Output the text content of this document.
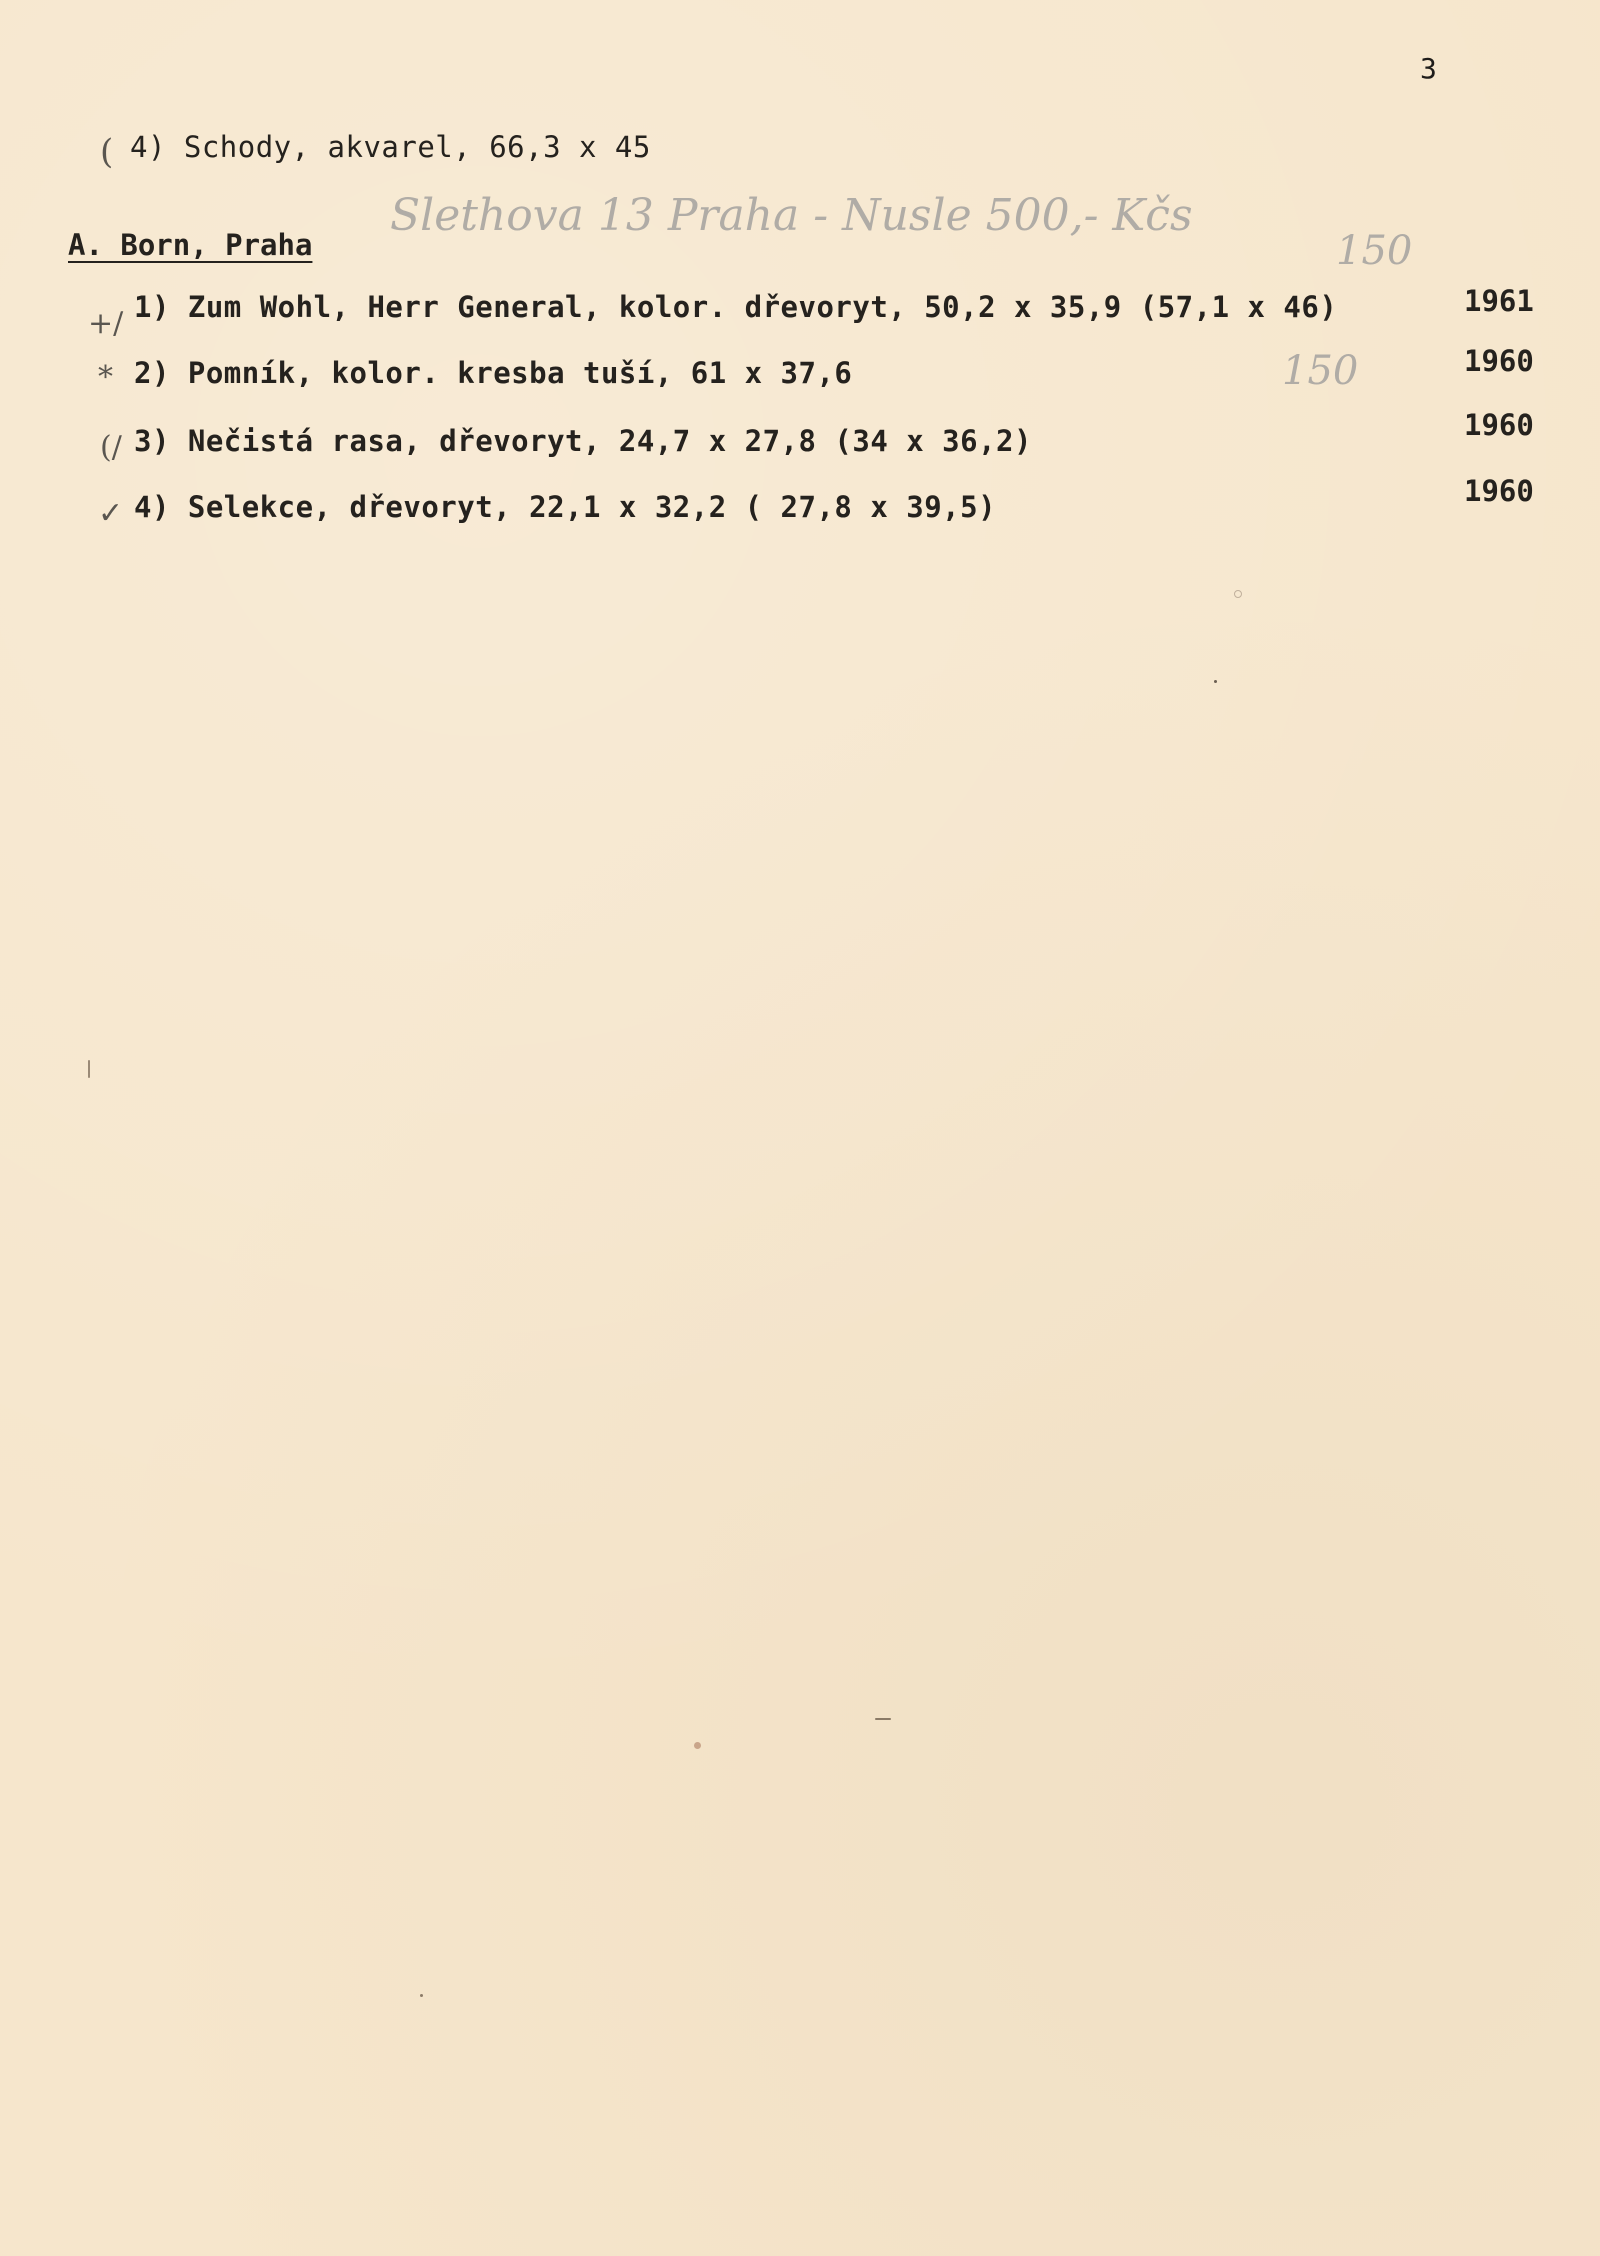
3
( 4) Schody, akvarel, 66,3 x 45
A. Born, Praha
Slethova 13 Praha - Nusle 500,- Kčs
150
+/ 1) Zum Wohl, Herr General, kolor. dřevoryt, 50,2 x 35,9 (57,1 x 46)	1961
* 2) Pomník, kolor. kresba tuší, 61 x 37,6	150	1960
(/ 3) Nečistá rasa, dřevoryt, 24,7 x 27,8 (34 x 36,2)	1960
✓ 4) Selekce, dřevoryt, 22,1 x 32,2 ( 27,8 x 39,5)	1960
